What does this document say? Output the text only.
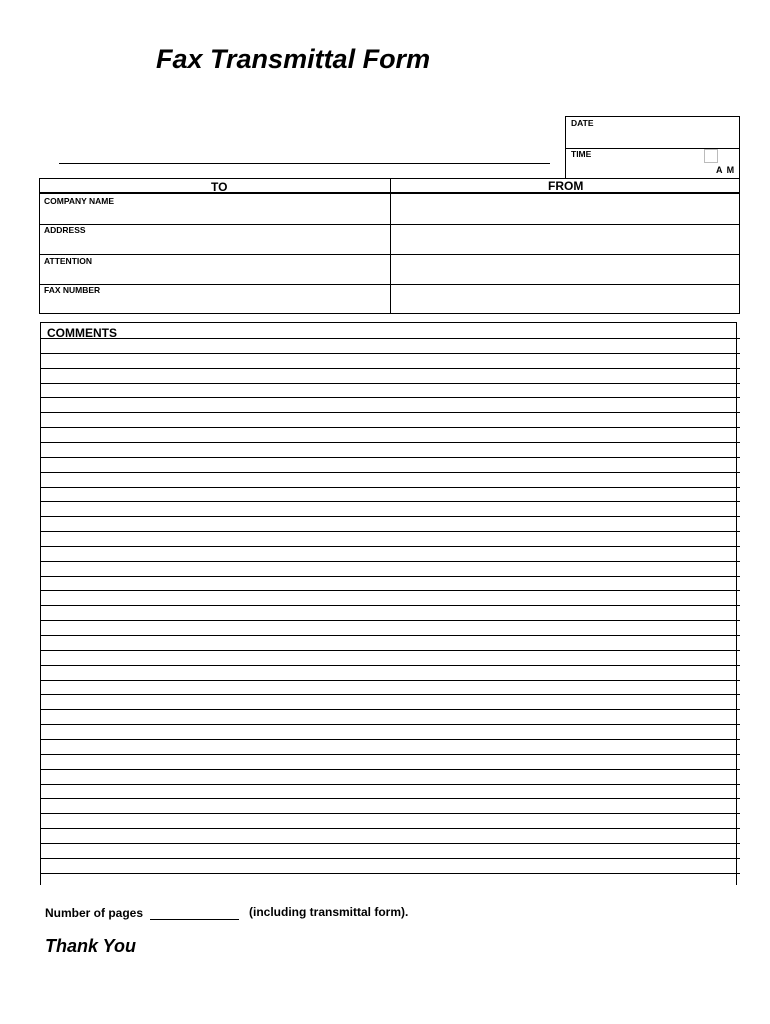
Fax Transmittal Form
DATE
TIME
A M
TO	FROM
COMPANY NAME
ADDRESS
ATTENTION
FAX NUMBER
COMMENTS
Number of pages	(including transmittal form).
Thank You
